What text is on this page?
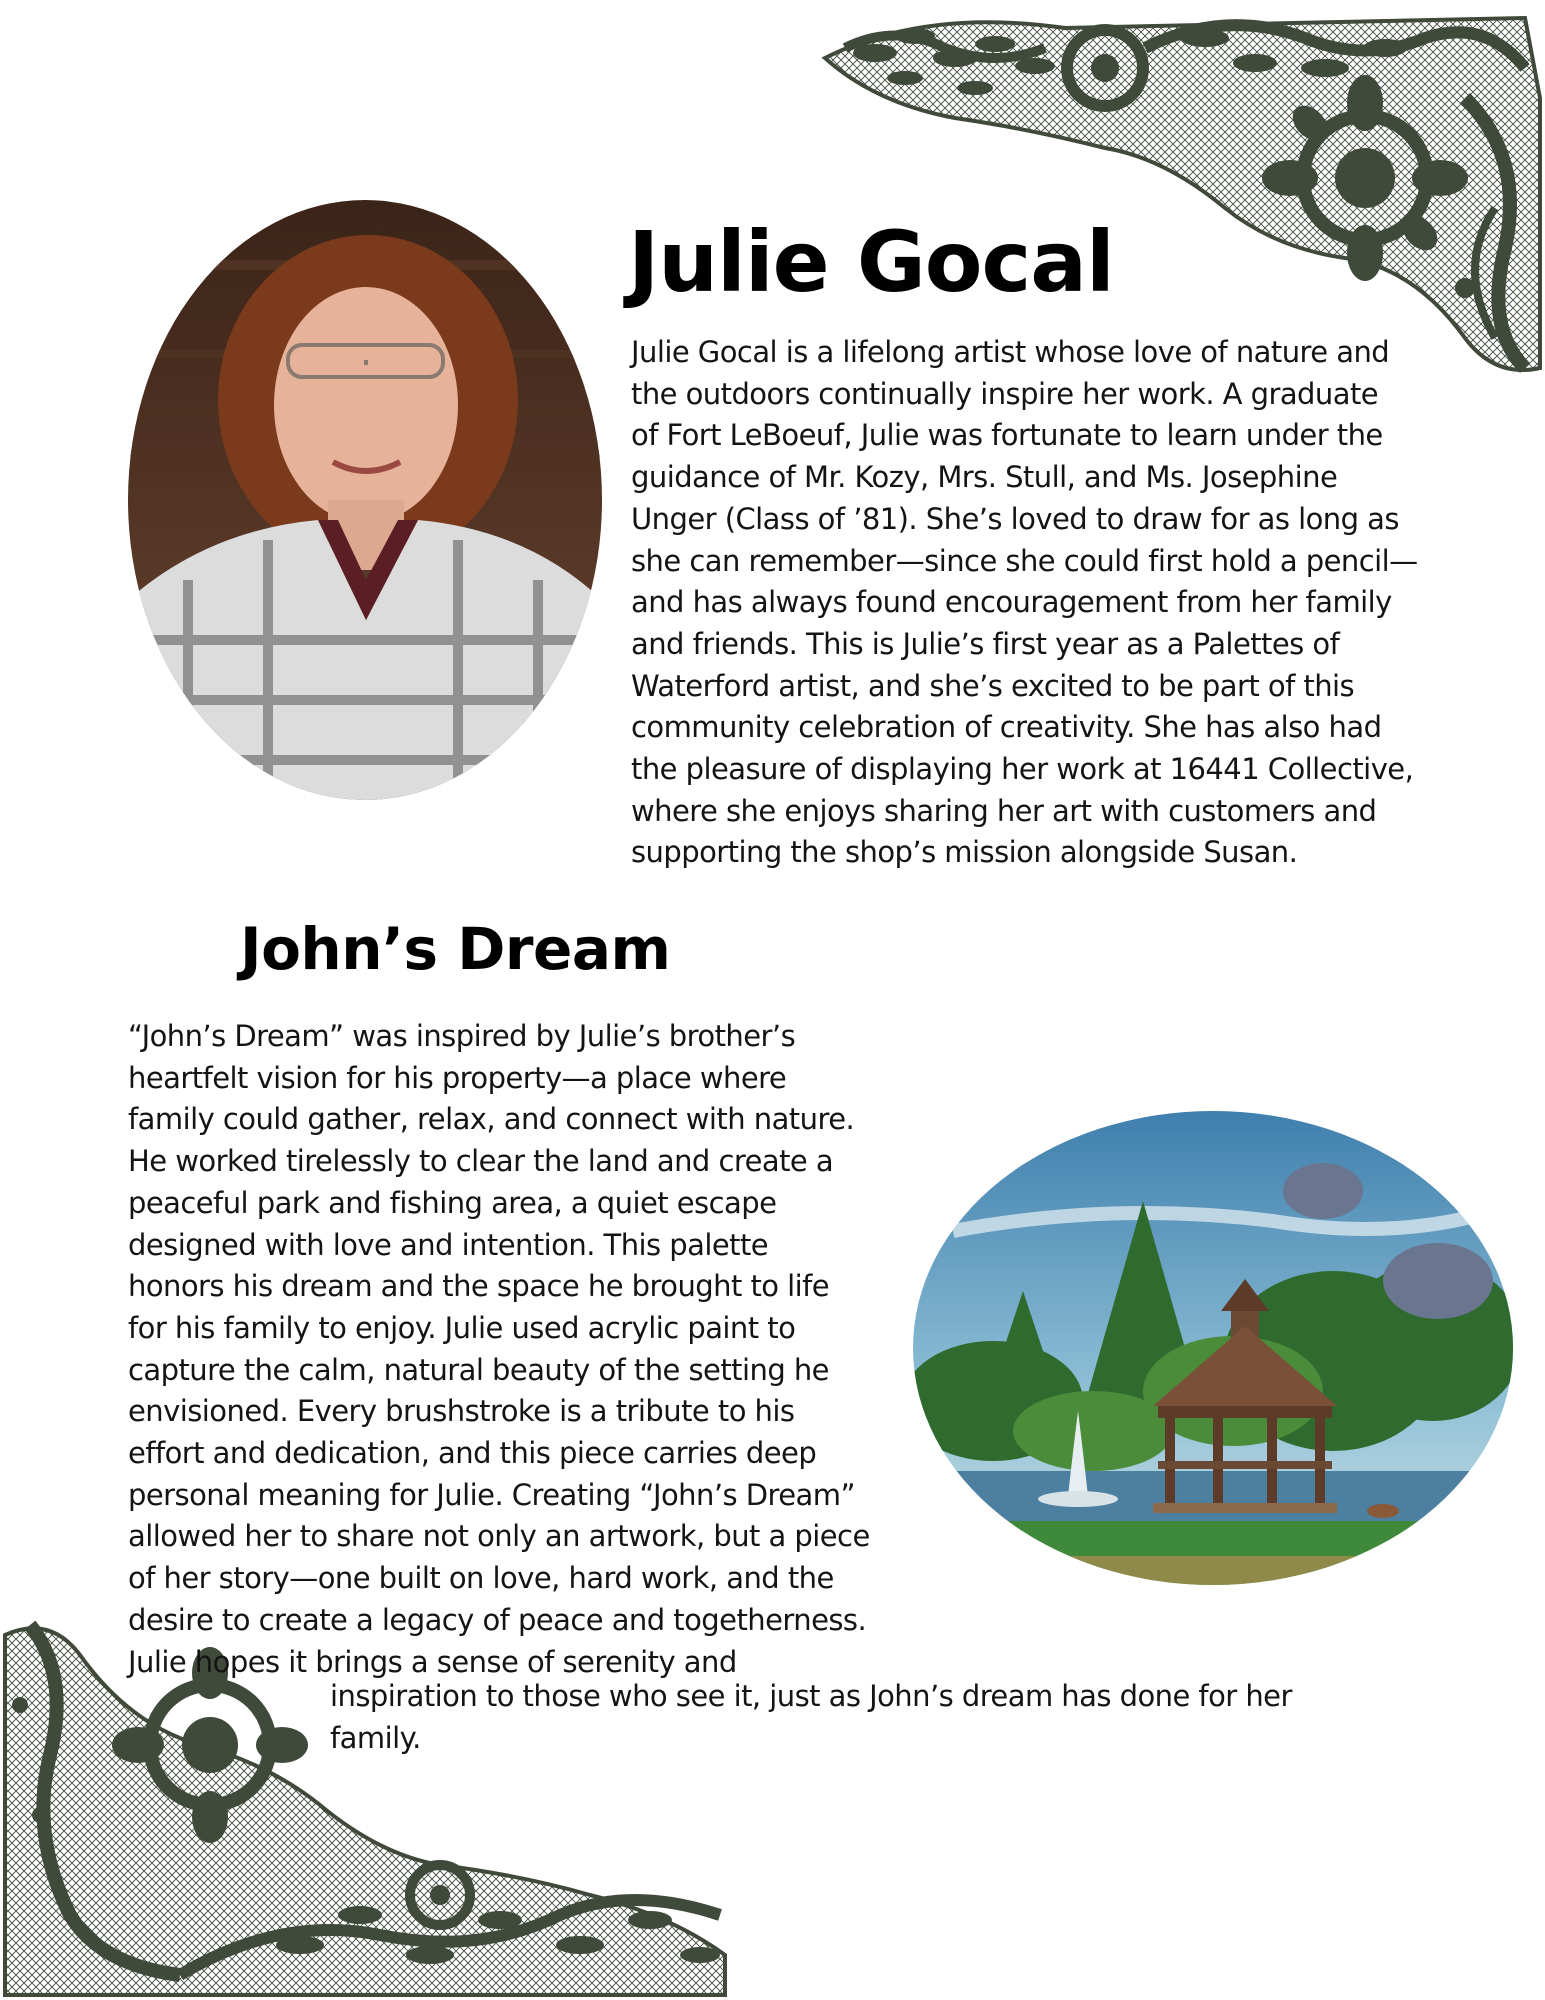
Julie Gocal

Julie Gocal is a lifelong artist whose love of nature and
the outdoors continually inspire her work. A graduate
of Fort LeBoeuf, Julie was fortunate to learn under the
guidance of Mr. Kozy, Mrs. Stull, and Ms. Josephine
Unger (Class of ’81). She’s loved to draw for as long as
she can remember—since she could first hold a pencil—
and has always found encouragement from her family
and friends. This is Julie’s first year as a Palettes of
Waterford artist, and she’s excited to be part of this
community celebration of creativity. She has also had
the pleasure of displaying her work at 16441 Collective,
where she enjoys sharing her art with customers and
supporting the shop’s mission alongside Susan.

John’s Dream

“John’s Dream” was inspired by Julie’s brother’s
heartfelt vision for his property—a place where
family could gather, relax, and connect with nature.
He worked tirelessly to clear the land and create a
peaceful park and fishing area, a quiet escape
designed with love and intention. This palette
honors his dream and the space he brought to life
for his family to enjoy. Julie used acrylic paint to
capture the calm, natural beauty of the setting he
envisioned. Every brushstroke is a tribute to his
effort and dedication, and this piece carries deep
personal meaning for Julie. Creating “John’s Dream”
allowed her to share not only an artwork, but a piece
of her story—one built on love, hard work, and the
desire to create a legacy of peace and togetherness.
Julie hopes it brings a sense of serenity and

inspiration to those who see it, just as John’s dream has done for her
family.
